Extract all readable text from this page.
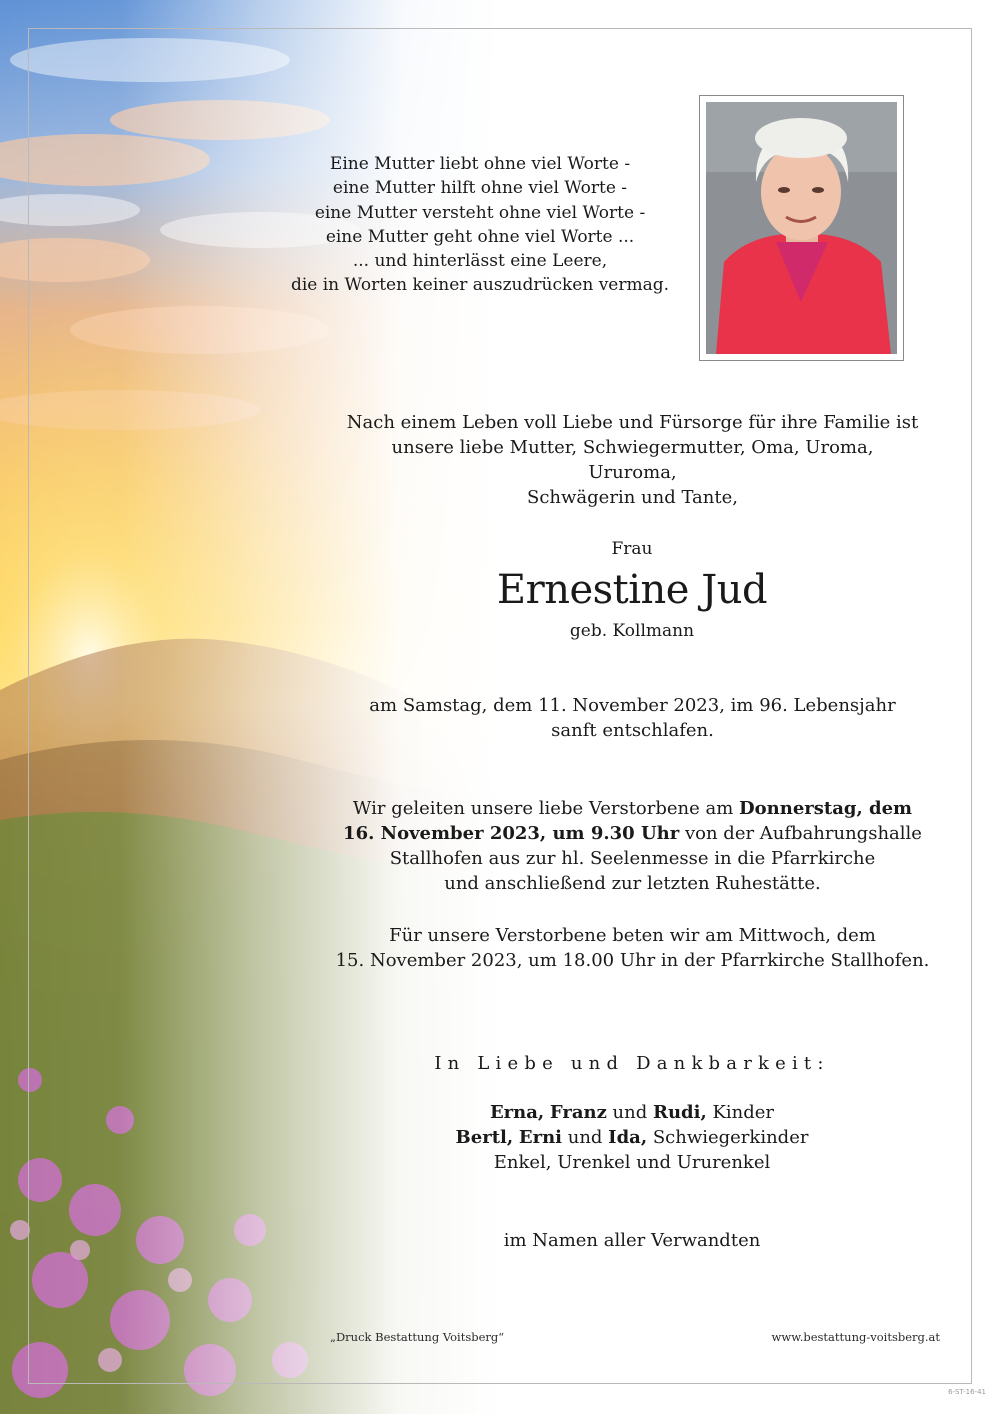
Eine Mutter liebt ohne viel Worte -
eine Mutter hilft ohne viel Worte -
eine Mutter versteht ohne viel Worte -
eine Mutter geht ohne viel Worte ...
... und hinterlässt eine Leere,
die in Worten keiner auszudrücken vermag.
Nach einem Leben voll Liebe und Fürsorge für ihre Familie ist
unsere liebe Mutter, Schwiegermutter, Oma, Uroma, Ururoma,
Schwägerin und Tante,
Frau
Ernestine Jud
geb. Kollmann
am Samstag, dem 11. November 2023, im 96. Lebensjahr
sanft entschlafen.
Wir geleiten unsere liebe Verstorbene am Donnerstag, dem
16. November 2023, um 9.30 Uhr von der Aufbahrungshalle
Stallhofen aus zur hl. Seelenmesse in die Pfarrkirche
und anschließend zur letzten Ruhestätte.
Für unsere Verstorbene beten wir am Mittwoch, dem
15. November 2023, um 18.00 Uhr in der Pfarrkirche Stallhofen.
In Liebe und Dankbarkeit:
Erna, Franz und Rudi, Kinder
Bertl, Erni und Ida, Schwiegerkinder
Enkel, Urenkel und Ururenkel
im Namen aller Verwandten
„Druck Bestattung Voitsberg“	www.bestattung-voitsberg.at
6-ST-16-41
